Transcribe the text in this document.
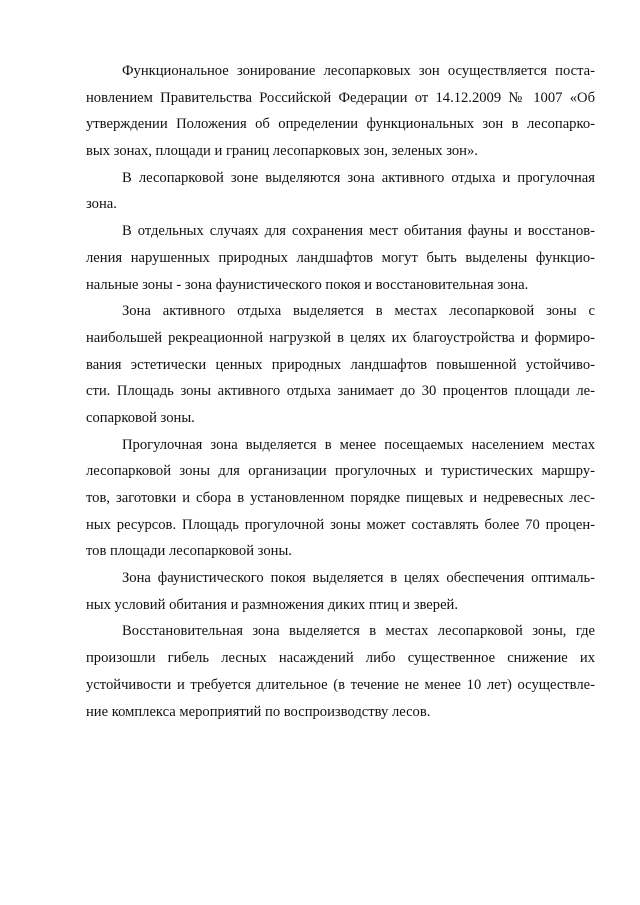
Функциональное зонирование лесопарковых зон осуществляется поста-
новлением Правительства Российской Федерации от 14.12.2009 № 1007 «Об
утверждении Положения об определении функциональных зон в лесопарко-
вых зонах, площади и границ лесопарковых зон, зеленых зон».
В лесопарковой зоне выделяются зона активного отдыха и прогулочная
зона.
В отдельных случаях для сохранения мест обитания фауны и восстанов-
ления нарушенных природных ландшафтов могут быть выделены функцио-
нальные зоны - зона фаунистического покоя и восстановительная зона.
Зона активного отдыха выделяется в местах лесопарковой зоны с
наибольшей рекреационной нагрузкой в целях их благоустройства и формиро-
вания эстетически ценных природных ландшафтов повышенной устойчиво-
сти. Площадь зоны активного отдыха занимает до 30 процентов площади ле-
сопарковой зоны.
Прогулочная зона выделяется в менее посещаемых населением местах
лесопарковой зоны для организации прогулочных и туристических маршру-
тов, заготовки и сбора в установленном порядке пищевых и недревесных лес-
ных ресурсов. Площадь прогулочной зоны может составлять более 70 процен-
тов площади лесопарковой зоны.
Зона фаунистического покоя выделяется в целях обеспечения оптималь-
ных условий обитания и размножения диких птиц и зверей.
Восстановительная зона выделяется в местах лесопарковой зоны, где
произошли гибель лесных насаждений либо существенное снижение их
устойчивости и требуется длительное (в течение не менее 10 лет) осуществле-
ние комплекса мероприятий по воспроизводству лесов.
